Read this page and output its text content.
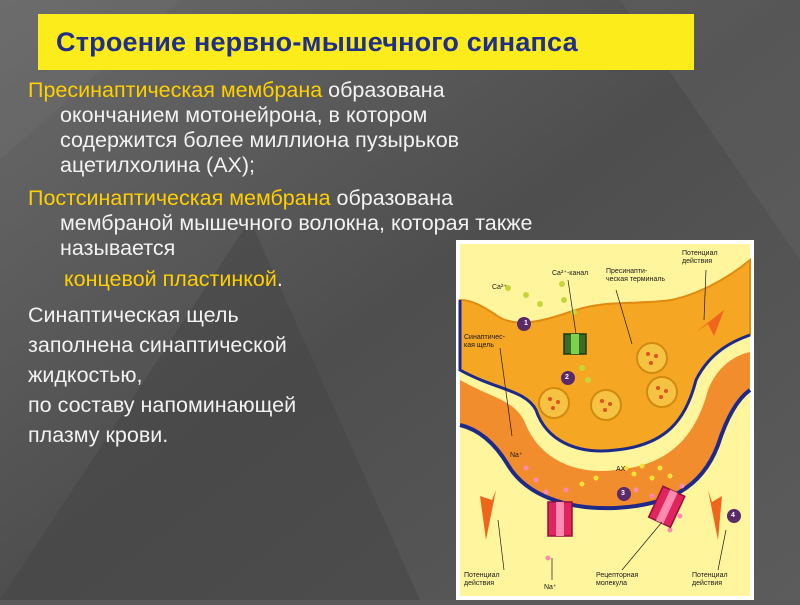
Строение нервно-мышечного синапса
Пресинаптическая мембрана образована
окончанием мотонейрона, в котором
содержится более миллиона пузырьков
ацетилхолина (АХ);
Постсинаптическая мембрана образована
мембраной мышечного волокна, которая также
называется
концевой пластинкой.
Синаптическая щель
заполнена синаптической
жидкостью,
по составу напоминающей
плазму крови.
1
2
3
4
Потенциал
действия
Ca²⁺-канал	Пресинапти-
ческая терминаль
Ca²⁺
Синаптичес-
кая щель
Na⁺
АХ
Потенциал
действия
Рецепторная
молекула
Потенциал
действия
Na⁺
